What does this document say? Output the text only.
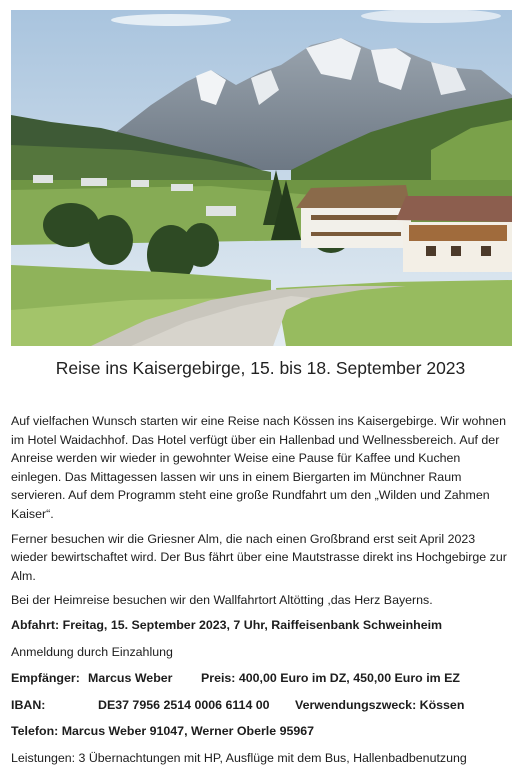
Reise ins Kaisergebirge, 15. bis 18. September 2023

Auf vielfachen Wunsch starten wir eine Reise nach Kössen ins Kaisergebirge. Wir wohnen im Hotel Waidachhof. Das Hotel verfügt über ein Hallenbad und Wellnessbereich. Auf der Anreise werden wir wieder in gewohnter Weise eine Pause für Kaffee und Kuchen einlegen. Das Mittagessen lassen wir uns in einem Biergarten im Münchner Raum servieren. Auf dem Programm steht eine große Rundfahrt um den „Wilden und Zahmen Kaiser“.

Ferner besuchen wir die Griesner Alm, die nach einen Großbrand erst seit April 2023 wieder bewirtschaftet wird. Der Bus fährt über eine Mautstrasse direkt ins Hochgebirge zur Alm.

Bei der Heimreise besuchen wir den Wallfahrtort Altötting ,das Herz Bayerns.

Abfahrt: Freitag, 15. September 2023, 7 Uhr, Raiffeisenbank Schweinheim

Anmeldung durch Einzahlung

Empfänger: Marcus Weber	Preis: 400,00 Euro im DZ, 450,00 Euro im EZ
IBAN:	DE37 7956 2514 0006 6114 00	Verwendungszweck: Kössen

Telefon: Marcus Weber 91047, Werner Oberle 95967

Leistungen: 3 Übernachtungen mit HP, Ausflüge mit dem Bus, Hallenbadbenutzung
